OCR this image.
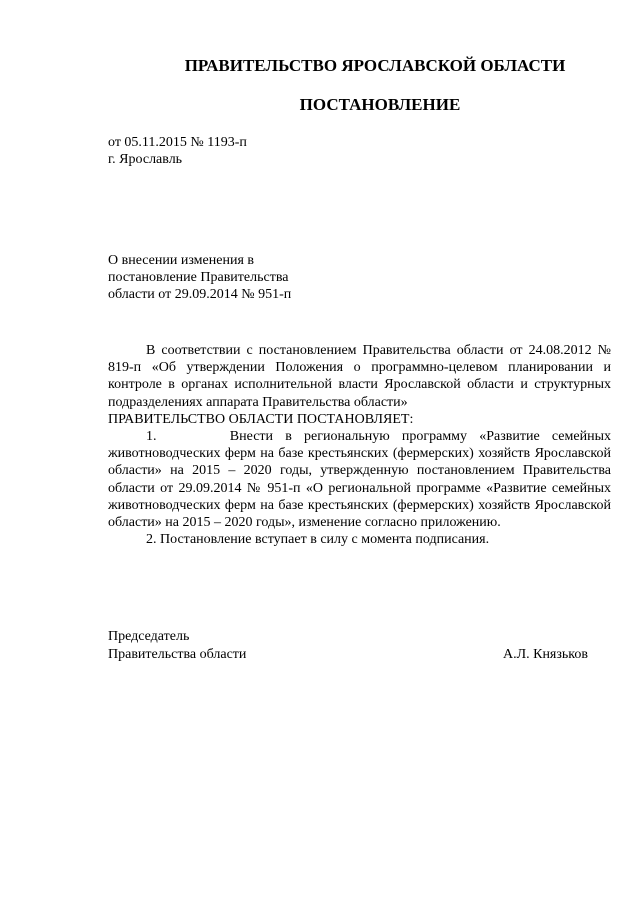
ПРАВИТЕЛЬСТВО ЯРОСЛАВСКОЙ ОБЛАСТИ
ПОСТАНОВЛЕНИЕ
от 05.11.2015 № 1193-п
г. Ярославль
О внесении изменения в
постановление Правительства
области от 29.09.2014 № 951-п

В соответствии с постановлением Правительства области от 24.08.2012 № 819-п «Об утверждении Положения о программно-целевом планировании и контроле в органах исполнительной власти Ярославской области и структурных подразделениях аппарата Правительства области»

ПРАВИТЕЛЬСТВО ОБЛАСТИ ПОСТАНОВЛЯЕТ:

1.      Внести в региональную программу «Развитие семейных животноводческих ферм на базе крестьянских (фермерских) хозяйств Ярославской области» на 2015 – 2020 годы, утвержденную постановлением Правительства области от 29.09.2014 № 951-п «О региональной программе «Развитие семейных животноводческих ферм на базе крестьянских (фермерских) хозяйств Ярославской области» на 2015 – 2020 годы», изменение согласно приложению.

2. Постановление вступает в силу с момента подписания.

Председатель
Правительства области	А.Л. Князьков
